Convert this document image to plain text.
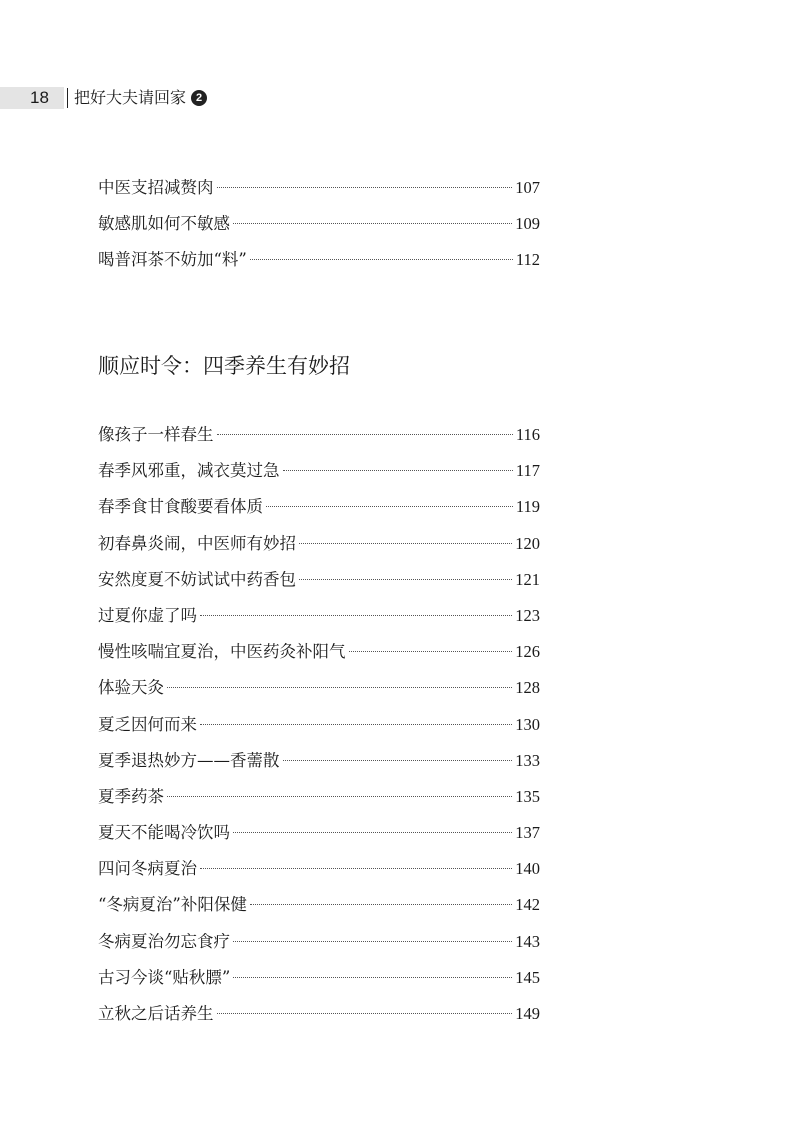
18 把好大夫请回家 2
中医支招减赘肉	107
敏感肌如何不敏感	109
喝普洱茶不妨加“料”	112
顺应时令：四季养生有妙招
像孩子一样春生	116
春季风邪重，减衣莫过急	117
春季食甘食酸要看体质	119
初春鼻炎闹，中医师有妙招	120
安然度夏不妨试试中药香包	121
过夏你虚了吗	123
慢性咳喘宜夏治，中医药灸补阳气	126
体验天灸	128
夏乏因何而来	130
夏季退热妙方——香薷散	133
夏季药茶	135
夏天不能喝冷饮吗	137
四问冬病夏治	140
“冬病夏治”补阳保健	142
冬病夏治勿忘食疗	143
古习今谈“贴秋膘”	145
立秋之后话养生	149
